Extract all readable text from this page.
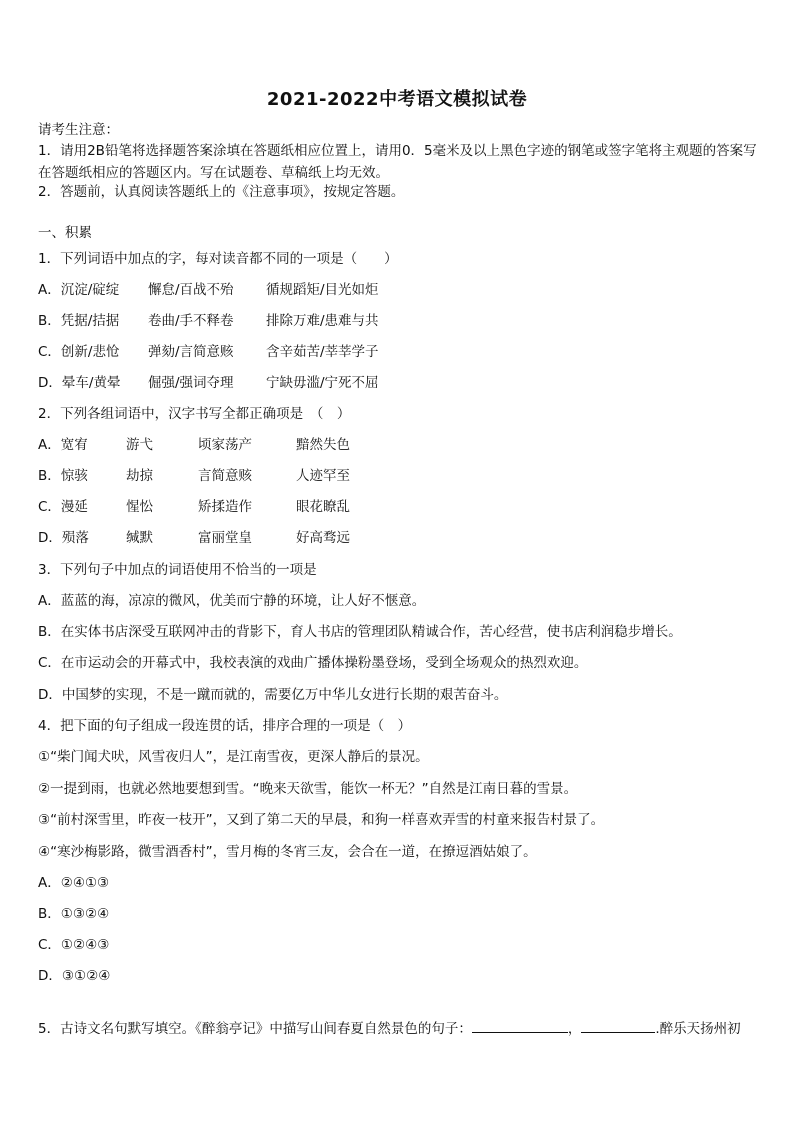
2021-2022中考语文模拟试卷
请考生注意：
1．请用2B铅笔将选择题答案涂填在答题纸相应位置上，请用0．5毫米及以上黑色字迹的钢笔或签字笔将主观题的答案写在答题纸相应的答题区内。写在试题卷、草稿纸上均无效。
2．答题前，认真阅读答题纸上的《注意事项》，按规定答题。
一、积累
1．下列词语中加点的字，每对读音都不同的一项是（　　）
A．沉淀/碇绽 懈怠/百战不殆 循规蹈矩/目光如炬
B．凭据/拮据 卷曲/手不释卷 排除万难/患难与共
C．创新/悲怆 弹劾/言简意赅 含辛茹苦/莘莘学子
D．晕车/黄晕 倔强/强词夺理 宁缺毋滥/宁死不屈
2．下列各组词语中，汉字书写全都正确项是　（　）
A．宽宥	游弋	顷家荡产	黯然失色
B．惊骇	劫掠	言简意赅	人迹罕至
C．漫延	惺忪	矫揉造作	眼花瞭乱
D．殒落	缄默	富丽堂皇	好高骛远
3．下列句子中加点的词语使用不恰当的一项是
A．蓝蓝的海，凉凉的微风，优美而宁静的环境，让人好不惬意。
B．在实体书店深受互联网冲击的背影下，育人书店的管理团队精诚合作，苦心经营，使书店利润稳步增长。
C．在市运动会的开幕式中，我校表演的戏曲广播体操粉墨登场，受到全场观众的热烈欢迎。
D．中国梦的实现，不是一蹴而就的，需要亿万中华儿女进行长期的艰苦奋斗。
4．把下面的句子组成一段连贯的话，排序合理的一项是（　）
①“柴门闻犬吠，风雪夜归人”，是江南雪夜，更深人静后的景况。
②一提到雨，也就必然地要想到雪。“晚来天欲雪，能饮一杯无？”自然是江南日暮的雪景。
③“前村深雪里，昨夜一枝开”，又到了第二天的早晨，和狗一样喜欢弄雪的村童来报告村景了。
④“寒沙梅影路，微雪酒香村”，雪月梅的冬宵三友，会合在一道，在撩逗酒姑娘了。
A．②④①③
B．①③②④
C．①②④③
D．③①②④
5．古诗文名句默写填空。《醉翁亭记》中描写山间春夏自然景色的句子：	，	.醉乐天扬州初
